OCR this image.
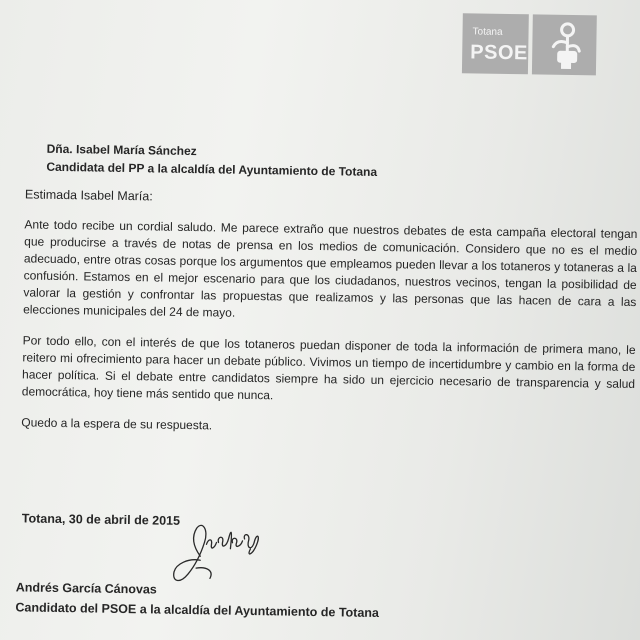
Totana
PSOE
Dña. Isabel María Sánchez
Candidata del PP a la alcaldía del Ayuntamiento de Totana
Estimada Isabel María:

Ante todo recibe un cordial saludo. Me parece extraño que nuestros debates de esta campaña electoral tengan que producirse a través de notas de prensa en los medios de comunicación. Considero que no es el medio adecuado, entre otras cosas porque los argumentos que empleamos pueden llevar a los totaneros y totaneras a la confusión. Estamos en el mejor escenario para que los ciudadanos, nuestros vecinos, tengan la posibilidad de valorar la gestión y confrontar las propuestas que realizamos y las personas que las hacen de cara a las elecciones municipales del 24 de mayo.

Por todo ello, con el interés de que los totaneros puedan disponer de toda la información de primera mano, le reitero mi ofrecimiento para hacer un debate público. Vivimos un tiempo de incertidumbre y cambio en la forma de hacer política. Si el debate entre candidatos siempre ha sido un ejercicio necesario de transparencia y salud democrática, hoy tiene más sentido que nunca.

Quedo a la espera de su respuesta.

Totana, 30 de abril de 2015
Andrés García Cánovas
Candidato del PSOE a la alcaldía del Ayuntamiento de Totana
